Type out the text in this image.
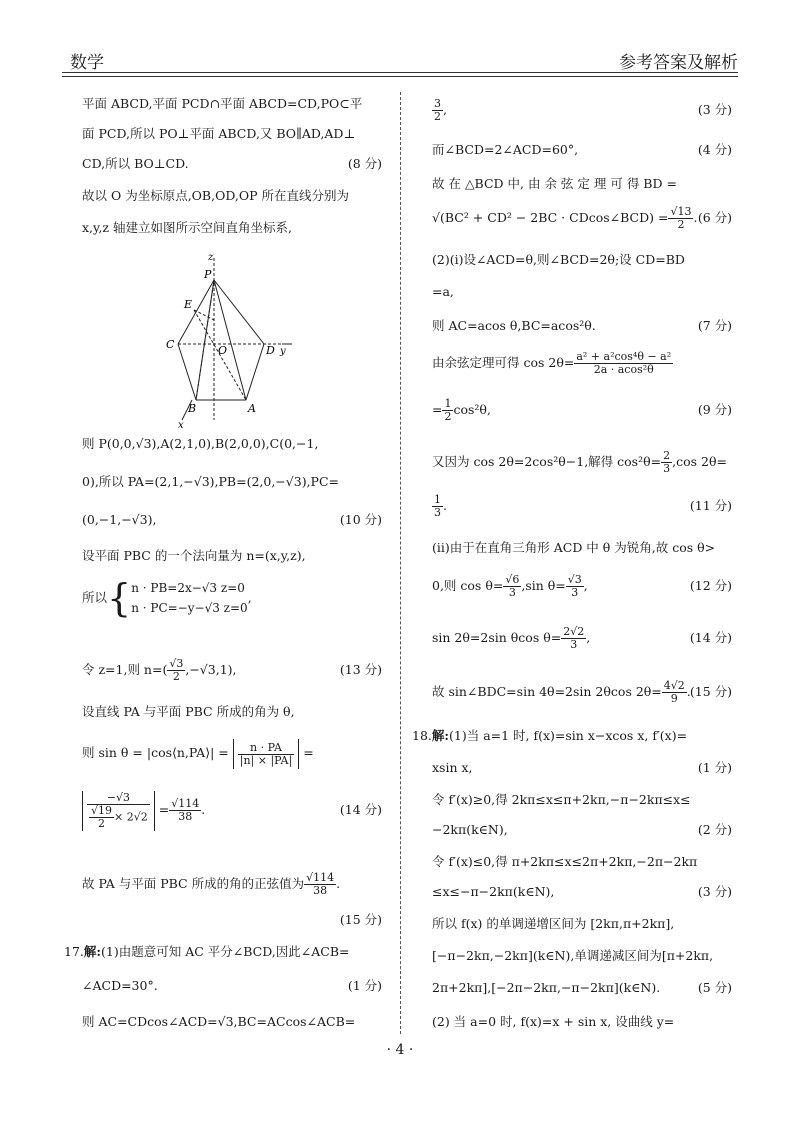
数学	参考答案及解析
平面 ABCD,平面 PCD∩平面 ABCD=CD,PO⊂平
面 PCD,所以 PO⊥平面 ABCD,又 BO∥AD,AD⊥
CD,所以 BO⊥CD.	(8 分)
故以 O 为坐标原点,OB,OD,OP 所在直线分别为
x,y,z 轴建立如图所示空间直角坐标系,
z
P
E
C	O	D y
B	A
x
则 P(0,0,√3),A(2,1,0),B(2,0,0),C(0,−1,
0),所以 PA=(2,1,−√3),PB=(2,0,−√3),PC=
(0,−1,−√3),	(10 分)
设平面 PBC 的一个法向量为 n=(x,y,z),
所以{ n · PB=2x−√3 z=0
n · PC=−y−√3 z=0
,
令 z=1,则 $n=( \frac{√3}{2} ,-√3,1)$,	(13 分)
设直线 PA 与平面 PBC 所成的角为 θ,
则 sin θ = |cos⟨n,PA⟩| = $\frac{n \cdot PA}{|n| \times |PA|}$ =
$\frac{-√3}{\frac{√19}{2} \times 2√2} = \frac{√114}{38}$ .	(14 分)
故 PA 与平面 PBC 所成的角的正弦值为 $\frac{√114}{38}$ .
(15 分)
17.解:(1)由题意可知 AC 平分∠BCD,因此∠ACB=
∠ACD=30°.	(1 分)
则 AC=CDcos∠ACD=√3,BC=ACcos∠ACB=
$\frac{3}{2}$ ,	(3 分)
而∠BCD=2∠ACD=60°,	(4 分)
故 在 △BCD 中, 由 余 弦 定 理 可 得 BD =
√(BC² + CD² − 2BC · CDcos∠BCD) = $\frac{√13}{2}$ . (6 分)
(2)(ⅰ)设∠ACD=θ,则∠BCD=2θ;设 CD=BD
=a,
则 AC=acos θ,BC=acos²θ.	(7 分)
由余弦定理可得 $\cos 2\theta= \frac{\text{a² + a²cos⁴θ − a²}}{\text{2a · acos²θ}}$
= $\frac{1}{2} \cos^2\theta$,	(9 分)
又因为 cos 2θ=2cos²θ−1,解得 $\cos^2\theta= \frac{2}{3} ,\cos$ 2θ=
$\frac{1}{3}$ .	(11 分)
(ⅱ)由于在直角三角形 ACD 中 θ 为锐角,故 cos θ>
0,则 $\cos \theta= \frac{√6}{3} ,\sin$ $\theta= \frac{√3}{3}$ ,	(12 分)
sin 2θ=2sin θcos $\theta= \frac{2√2}{3}$ ,	(14 分)
故 sin∠BDC=sin 4θ=2sin 2θcos $2\theta= \frac{4√2}{9}$ . (15 分)
18.解:(1)当 a=1 时, f(x)=sin x−xcos x, f′(x)=
xsin x,	(1 分)
令 f′(x)≥0,得 2kπ≤x≤π+2kπ,−π−2kπ≤x≤
−2kπ(k∈N),	(2 分)
令 f′(x)≤0,得 π+2kπ≤x≤2π+2kπ,−2π−2kπ
≤x≤−π−2kπ(k∈N),	(3 分)
所以 f(x) 的单调递增区间为 [2kπ,π+2kπ],
[−π−2kπ,−2kπ](k∈N),单调递减区间为[π+2kπ,
2π+2kπ],[−2π−2kπ,−π−2kπ](k∈N).	(5 分)
(2) 当 a=0 时, f(x)=x + sin x, 设曲线 y=
· 4 ·
